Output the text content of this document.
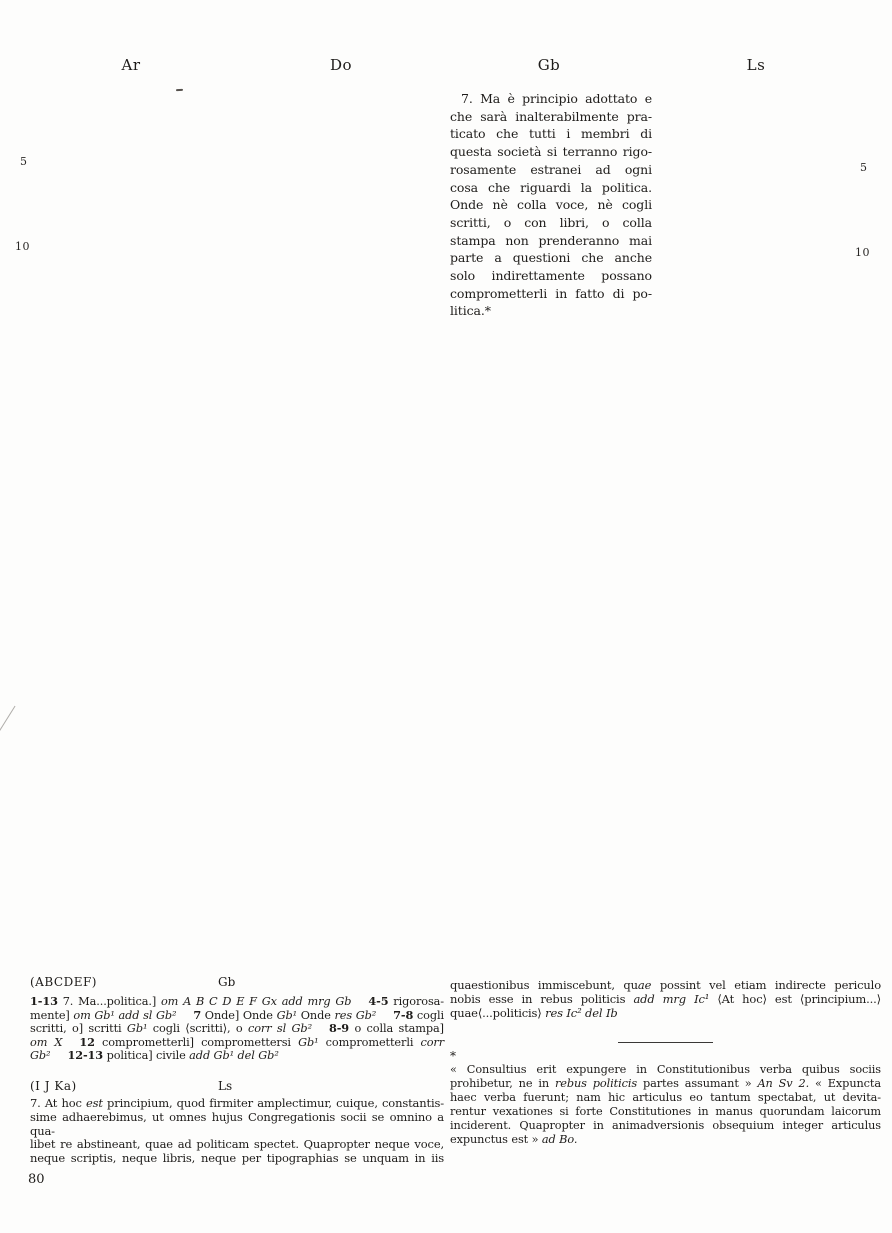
Ar	Do	Gb	Ls
5
10
5
10
7. Ma è principio adottato e
che sarà inalterabilmente pra-
ticato che tutti i membri di
questa società si terranno rigo-
rosamente estranei ad ogni
cosa che riguardi la politica.
Onde nè colla voce, nè cogli
scritti, o con libri, o colla
stampa non prenderanno mai
parte a questioni che anche
solo indirettamente possano
comprometterli in fatto di po-
litica.*
(ABCDEF)	Gb
1-13 7. Ma...politica.] om A B C D E F Gx add mrg Gb 4-5 rigorosa-
mente] om Gb¹ add sl Gb² 7 Onde] Onde Gb¹ Onde res Gb² 7-8 cogli
scritti, o] scritti Gb¹ cogli ⟨scritti⟩, o corr sl Gb² 8-9 o colla stampa]
om X 12 comprometterli] compromettersi Gb¹ comprometterli corr
Gb² 12-13 politica] civile add Gb¹ del Gb²
(I J Ka)	Ls
7. At hoc est principium, quod firmiter amplectimur, cuique, constantis-
sime adhaerebimus, ut omnes hujus Congregationis socii se omnino a qua-
libet re abstineant, quae ad politicam spectet. Quapropter neque voce,
neque scriptis, neque libris, neque per tipographias se unquam in iis
quaestionibus immiscebunt, quae possint vel etiam indirecte periculo
nobis esse in rebus politicis add mrg Ic¹ ⟨At hoc⟩ est ⟨principium...⟩
quae⟨...politicis⟩ res Ic² del Ib
*
« Consultius erit expungere in Constitutionibus verba quibus sociis
prohibetur, ne in rebus politicis partes assumant » An Sv 2. « Expuncta
haec verba fuerunt; nam hic articulus eo tantum spectabat, ut devita-
rentur vexationes si forte Constitutiones in manus quorundam laicorum
inciderent. Quapropter in animadversionis obsequium integer articulus
expunctus est » ad Bo.
80
